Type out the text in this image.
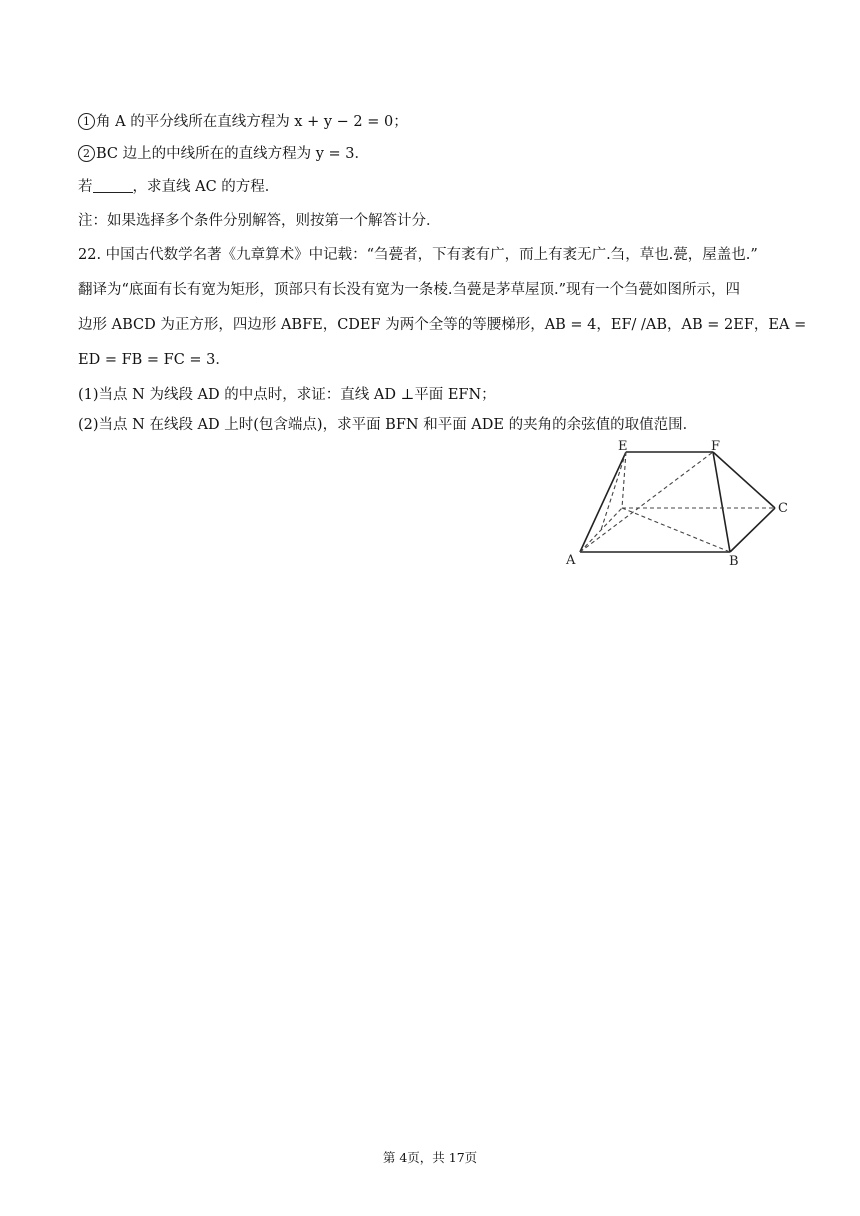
1 角 A 的平分线所在直线方程为 x + y − 2 = 0；
2 BC 边上的中线所在的直线方程为 y = 3．
若	，求直线 AC 的方程．
注：如果选择多个条件分别解答，则按第一个解答计分．
22. 中国古代数学名著《九章算术》中记载：“刍甍者，下有袤有广，而上有袤无广.刍，草也.甍，屋盖也.”
翻译为“底面有长有宽为矩形，顶部只有长没有宽为一条棱.刍甍是茅草屋顶.”现有一个刍甍如图所示，四
边形 ABCD 为正方形，四边形 ABFE，CDEF 为两个全等的等腰梯形，AB = 4，EF/ /AB，AB = 2EF，EA =
ED = FB = FC = 3．
(1)当点 N 为线段 AD 的中点时，求证：直线 AD ⊥平面 EFN；
(2)当点 N 在线段 AD 上时(包含端点)，求平面 BFN 和平面 ADE 的夹角的余弦值的取值范围．
E	F
C
A	B
第 4页，共 17页
